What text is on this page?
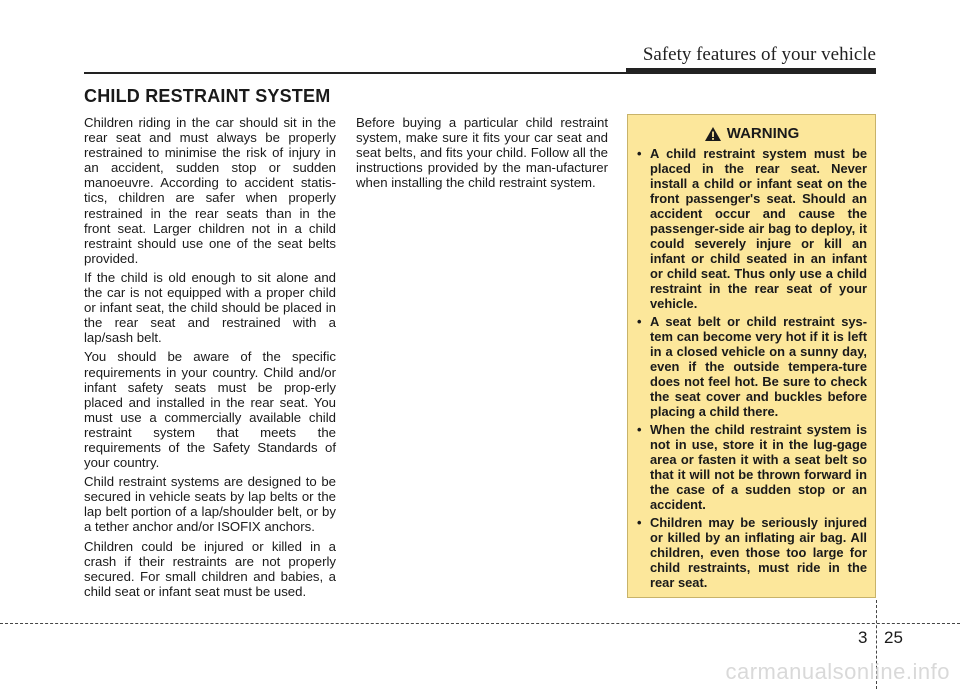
Safety features of your vehicle
CHILD RESTRAINT SYSTEM

Children riding in the car should sit in the rear seat and must always be properly restrained to minimise the risk of injury in an accident, sudden stop or sudden manoeuvre. According to accident statis-tics, children are safer when properly restrained in the rear seats than in the front seat. Larger children not in a child restraint should use one of the seat belts provided.

If the child is old enough to sit alone and the car is not equipped with a proper child or infant seat, the child should be placed in the rear seat and restrained with a lap/sash belt.

You should be aware of the specific requirements in your country. Child and/or infant safety seats must be prop-erly placed and installed in the rear seat. You must use a commercially available child restraint system that meets the requirements of the Safety Standards of your country.

Child restraint systems are designed to be secured in vehicle seats by lap belts or the lap belt portion of a lap/shoulder belt, or by a tether anchor and/or ISOFIX anchors.

Children could be injured or killed in a crash if their restraints are not properly secured. For small children and babies, a child seat or infant seat must be used.

Before buying a particular child restraint system, make sure it fits your car seat and seat belts, and fits your child. Follow all the instructions provided by the man-ufacturer when installing the child restraint system.

WARNING
• A child restraint system must be placed in the rear seat. Never install a child or infant seat on the front passenger's seat. Should an accident occur and cause the passenger-side air bag to deploy, it could severely injure or kill an infant or child seated in an infant or child seat. Thus only use a child restraint in the rear seat of your vehicle.
• A seat belt or child restraint sys-tem can become very hot if it is left in a closed vehicle on a sunny day, even if the outside tempera-ture does not feel hot. Be sure to check the seat cover and buckles before placing a child there.
• When the child restraint system is not in use, store it in the lug-gage area or fasten it with a seat belt so that it will not be thrown forward in the case of a sudden stop or an accident.
• Children may be seriously injured or killed by an inflating air bag. All children, even those too large for child restraints, must ride in the rear seat.
3 25
carmanualsonline.info
